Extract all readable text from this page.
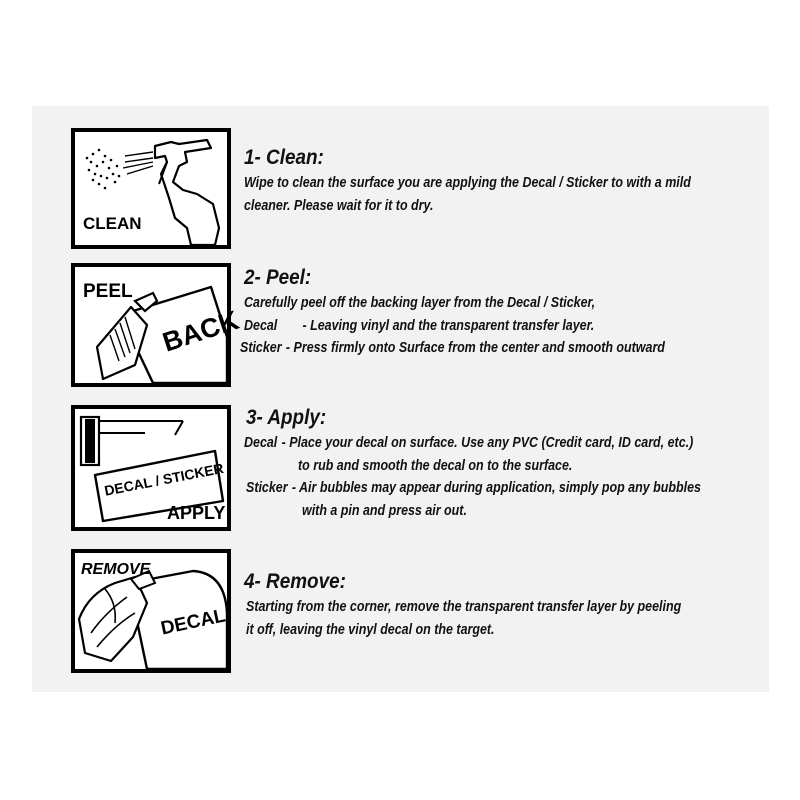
CLEAN
1- Clean:
Wipe to clean the surface you are applying the Decal / Sticker to with a mild
cleaner. Please wait for it to dry.
PEEL
BACK
2- Peel:
Carefully peel off the backing layer from the Decal / Sticker,
Decal - Leaving vinyl and the transparent transfer layer.
Sticker - Press firmly onto Surface from the center and smooth outward
DECAL / STICKER
APPLY
3- Apply:
Decal - Place your decal on surface. Use any PVC (Credit card, ID card, etc.)
to rub and smooth the decal on to the surface.
Sticker - Air bubbles may appear during application, simply pop any bubbles
with a pin and press air out.
REMOVE
DECAL
4- Remove:
Starting from the corner, remove the transparent transfer layer by peeling
it off, leaving the vinyl decal on the target.
